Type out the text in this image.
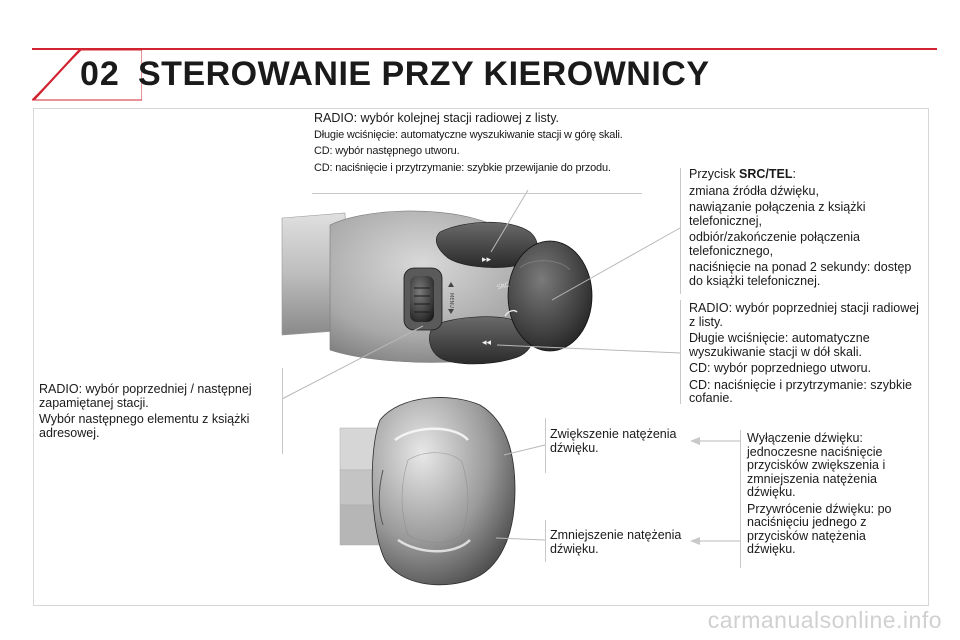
02 STEROWANIE PRZY KIEROWNICY
▸▸
◂◂
SRC
MENU

RADIO: wybór kolejnej stacji radiowej z listy.

Długie wciśnięcie: automatyczne wyszukiwanie stacji w górę skali.

CD: wybór następnego utworu.

CD: naciśnięcie i przytrzymanie: szybkie przewijanie do przodu.	Przycisk SRC/TEL:

zmiana źródła dźwięku,

nawiązanie połączenia z książki telefonicznej,

odbiór/zakończenie połączenia telefonicznego,

naciśnięcie na ponad 2 sekundy: dostęp do książki telefonicznej.

RADIO: wybór poprzedniej stacji radiowej z listy.

Długie wciśnięcie: automatyczne wyszukiwanie stacji w dół skali.

CD: wybór poprzedniego utworu.

CD: naciśnięcie i przytrzymanie: szybkie cofanie.

RADIO: wybór poprzedniej / następnej zapamiętanej stacji.

Wybór następnego elementu z książki adresowej.	Zwiększenie natężenia dźwięku.

Zmniejszenie natężenia dźwięku.

Wyłączenie dźwięku: jednoczesne naciśnięcie przycisków zwiększenia i zmniejszenia natężenia dźwięku.

Przywrócenie dźwięku: po naciśnięciu jednego z przycisków natężenia dźwięku.

carmanualsonline.info
